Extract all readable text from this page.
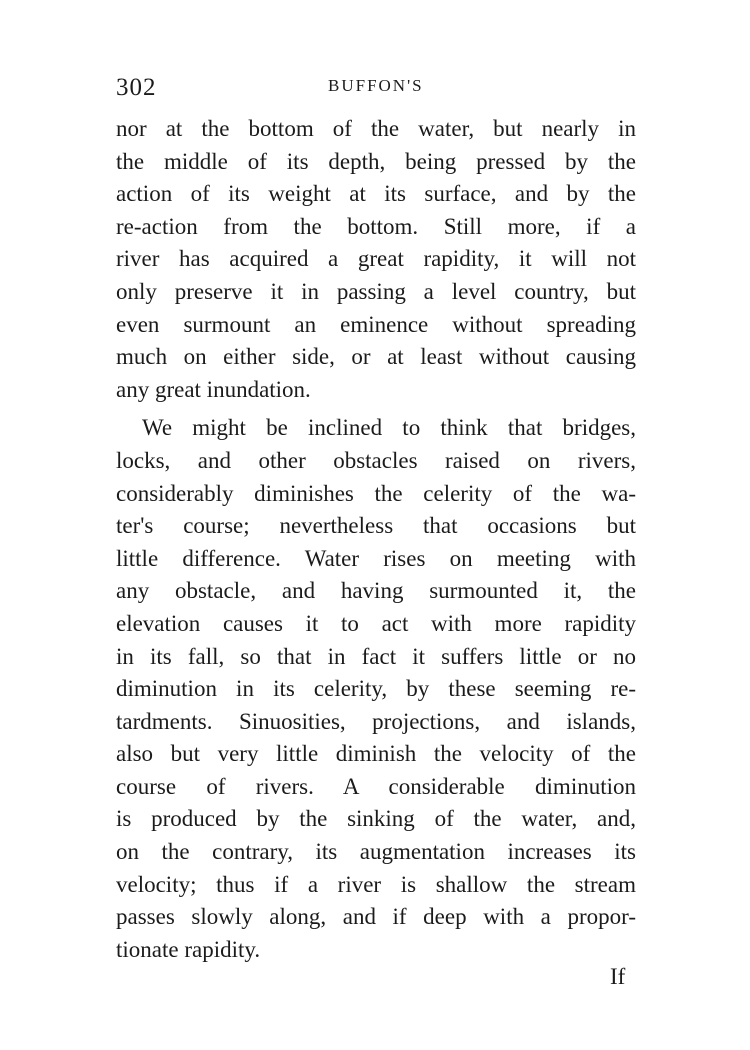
302	BUFFON'S
nor at the bottom of the water, but nearly in
the middle of its depth, being pressed by the
action of its weight at its surface, and by the
re-action from the bottom. Still more, if a
river has acquired a great rapidity, it will not
only preserve it in passing a level country, but
even surmount an eminence without spreading
much on either side, or at least without causing
any great inundation.
We might be inclined to think that bridges,
locks, and other obstacles raised on rivers,
considerably diminishes the celerity of the wa-
ter's course; nevertheless that occasions but
little difference. Water rises on meeting with
any obstacle, and having surmounted it, the
elevation causes it to act with more rapidity
in its fall, so that in fact it suffers little or no
diminution in its celerity, by these seeming re-
tardments. Sinuosities, projections, and islands,
also but very little diminish the velocity of the
course of rivers. A considerable diminution
is produced by the sinking of the water, and,
on the contrary, its augmentation increases its
velocity; thus if a river is shallow the stream
passes slowly along, and if deep with a propor-
tionate rapidity.
If
